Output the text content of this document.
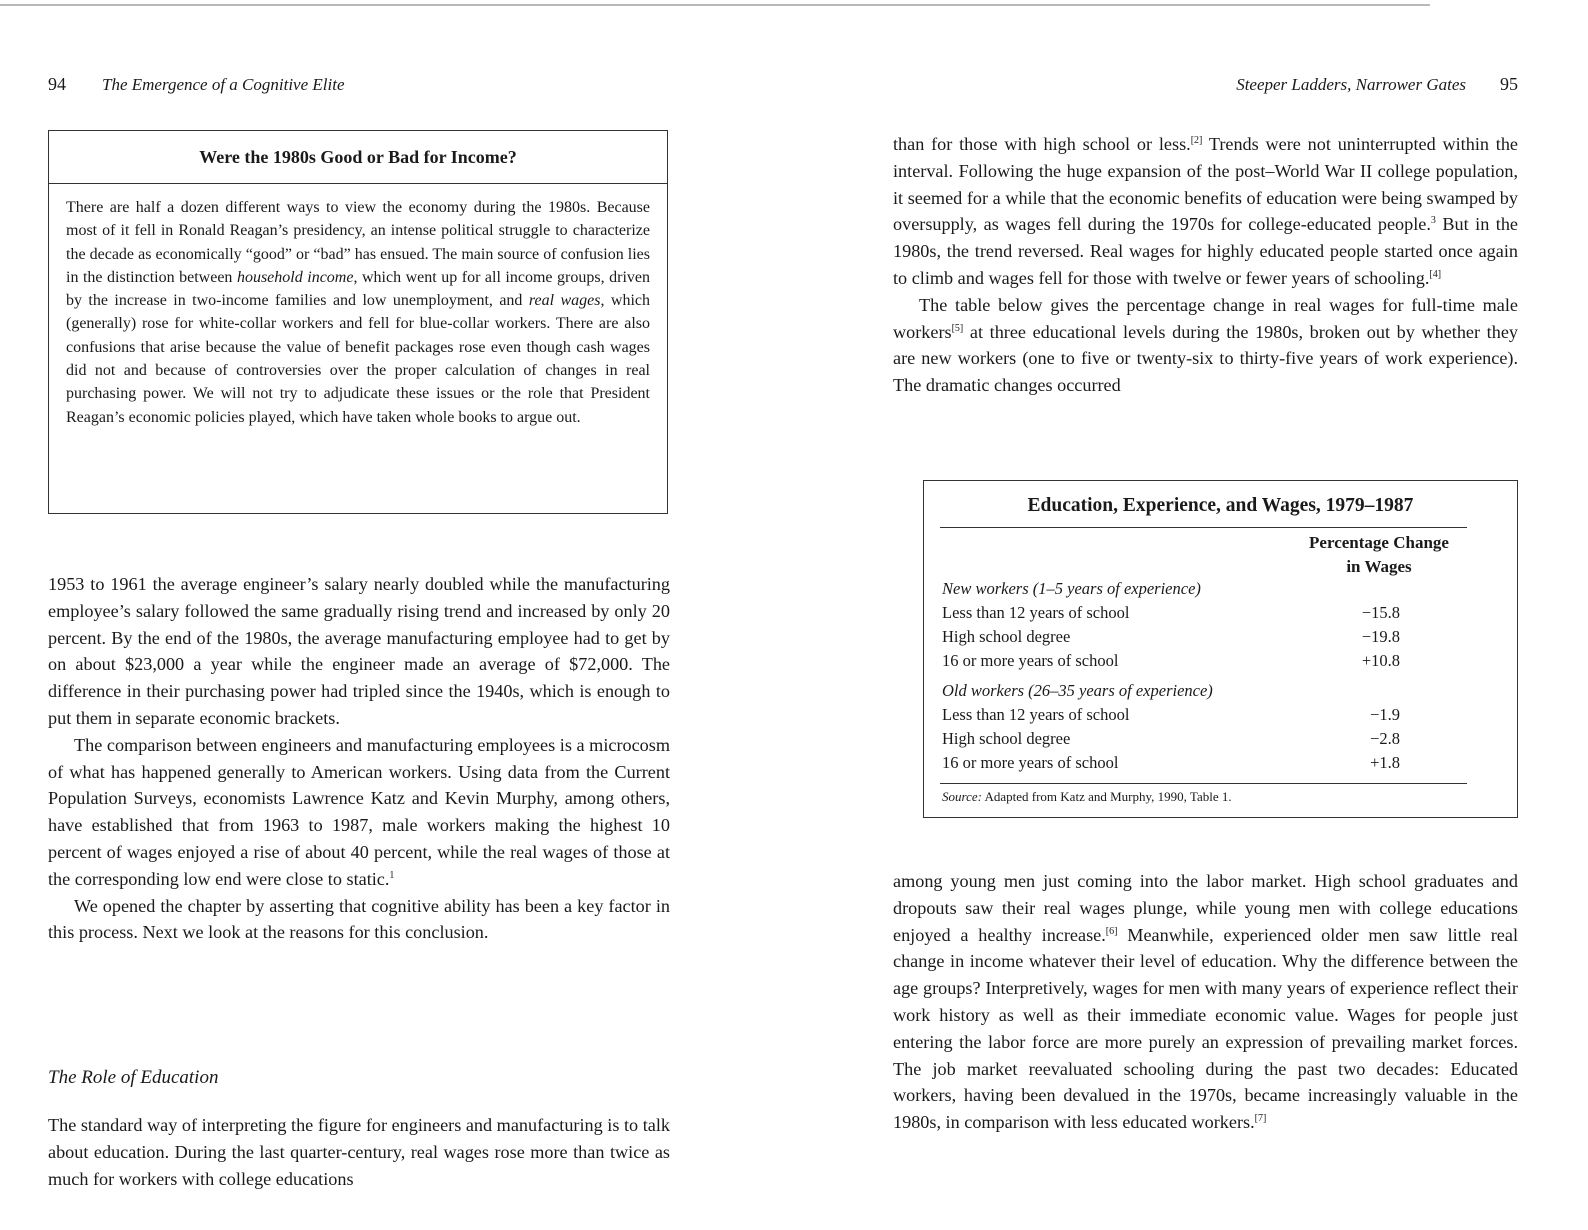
94 The Emergence of a Cognitive Elite
Were the 1980s Good or Bad for Income?

There are half a dozen different ways to view the economy during the 1980s. Because most of it fell in Ronald Reagan’s presidency, an intense political struggle to characterize the decade as economically “good” or “bad” has ensued. The main source of confusion lies in the distinction between household income, which went up for all income groups, driven by the increase in two-income families and low unemployment, and real wages, which (generally) rose for white-collar workers and fell for blue-collar workers. There are also confusions that arise because the value of benefit packages rose even though cash wages did not and because of controversies over the proper calculation of changes in real purchasing power. We will not try to adjudicate these issues or the role that President Reagan’s economic policies played, which have taken whole books to argue out.

1953 to 1961 the average engineer’s salary nearly doubled while the manufacturing employee’s salary followed the same gradually rising trend and increased by only 20 percent. By the end of the 1980s, the average manufacturing employee had to get by on about $23,000 a year while the engineer made an average of $72,000. The difference in their purchasing power had tripled since the 1940s, which is enough to put them in separate economic brackets.

The comparison between engineers and manufacturing employees is a microcosm of what has happened generally to American workers. Using data from the Current Population Surveys, economists Lawrence Katz and Kevin Murphy, among others, have established that from 1963 to 1987, male workers making the highest 10 percent of wages enjoyed a rise of about 40 percent, while the real wages of those at the corresponding low end were close to static.$^1$

We opened the chapter by asserting that cognitive ability has been a key factor in this process. Next we look at the reasons for this conclusion.

The Role of Education

The standard way of interpreting the figure for engineers and manufacturing is to talk about education. During the last quarter-century, real wages rose more than twice as much for workers with college educations

Steeper Ladders, Narrower Gates 95

than for those with high school or less.[2] Trends were not uninterrupted within the interval. Following the huge expansion of the post–World War II college population, it seemed for a while that the economic benefits of education were being swamped by oversupply, as wages fell during the 1970s for college-educated people.$^3$ But in the 1980s, the trend reversed. Real wages for highly educated people started once again to climb and wages fell for those with twelve or fewer years of schooling.[4]

The table below gives the percentage change in real wages for full-time male workers[5] at three educational levels during the 1980s, broken out by whether they are new workers (one to five or twenty-six to thirty-five years of work experience). The dramatic changes occurred

Education, Experience, and Wages, 1979–1987
Percentage Change
in Wages
New workers (1–5 years of experience)
Less than 12 years of school	−15.8
High school degree	−19.8
16 or more years of school	+10.8
Old workers (26–35 years of experience)
Less than 12 years of school	−1.9
High school degree	−2.8
16 or more years of school	+1.8
Source: Adapted from Katz and Murphy, 1990, Table 1.

among young men just coming into the labor market. High school graduates and dropouts saw their real wages plunge, while young men with college educations enjoyed a healthy increase.[6] Meanwhile, experienced older men saw little real change in income whatever their level of education. Why the difference between the age groups? Interpretively, wages for men with many years of experience reflect their work history as well as their immediate economic value. Wages for people just entering the labor force are more purely an expression of prevailing market forces. The job market reevaluated schooling during the past two decades: Educated workers, having been devalued in the 1970s, became increasingly valuable in the 1980s, in comparison with less educated workers.[7]
